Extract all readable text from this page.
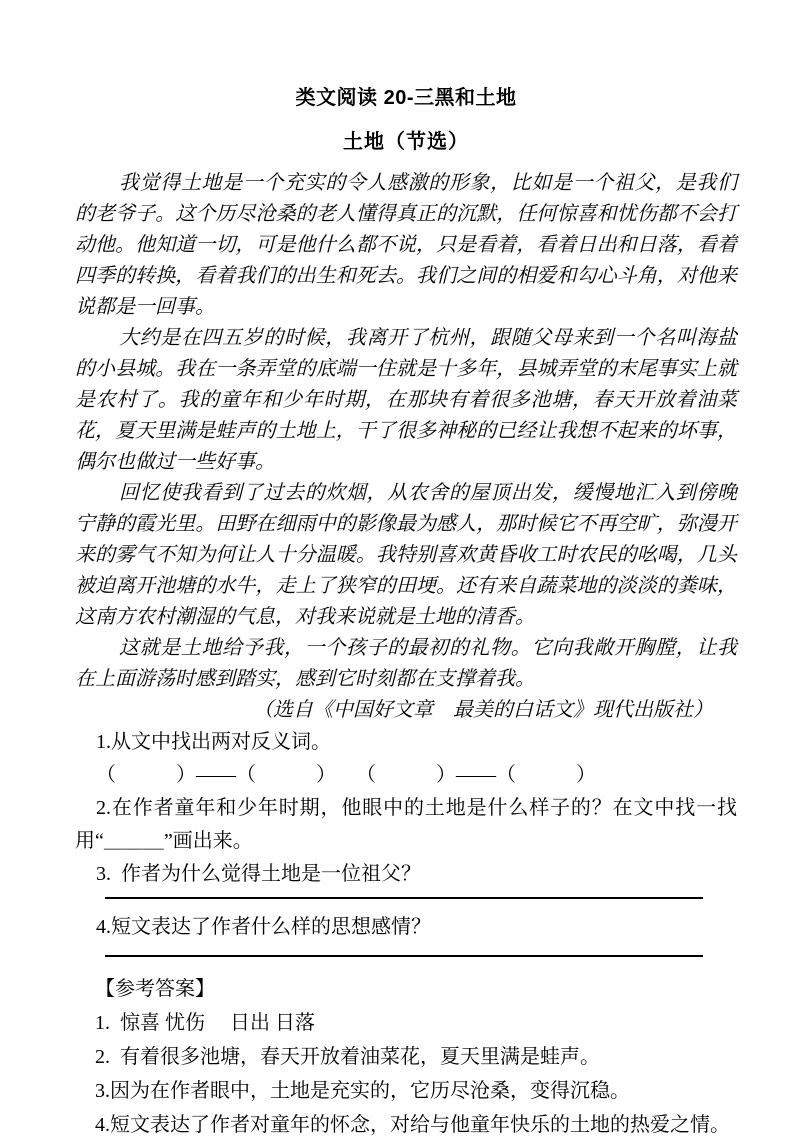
类文阅读 20-三黑和土地
土地（节选）

我觉得土地是一个充实的令人感激的形象，比如是一个祖父，是我们的老爷子。这个历尽沧桑的老人懂得真正的沉默，任何惊喜和忧伤都不会打动他。他知道一切，可是他什么都不说，只是看着，看着日出和日落，看着四季的转换，看着我们的出生和死去。我们之间的相爱和勾心斗角，对他来说都是一回事。

大约是在四五岁的时候，我离开了杭州，跟随父母来到一个名叫海盐的小县城。我在一条弄堂的底端一住就是十多年，县城弄堂的末尾事实上就是农村了。我的童年和少年时期，在那块有着很多池塘，春天开放着油菜花，夏天里满是蛙声的土地上，干了很多神秘的已经让我想不起来的坏事，偶尔也做过一些好事。

回忆使我看到了过去的炊烟，从农舍的屋顶出发，缓慢地汇入到傍晚宁静的霞光里。田野在细雨中的影像最为感人，那时候它不再空旷，弥漫开来的雾气不知为何让人十分温暖。我特别喜欢黄昏收工时农民的吆喝，几头被迫离开池塘的水牛，走上了狭窄的田埂。还有来自蔬菜地的淡淡的粪味，这南方农村潮湿的气息，对我来说就是土地的清香。

这就是土地给予我，一个孩子的最初的礼物。它向我敞开胸膛，让我在上面游荡时感到踏实，感到它时刻都在支撑着我。

（选自《中国好文章　最美的白话文》现代出版社）
1.从文中找出两对反义词。
（　　　）——（　　　）　　（　　　）——（　　　）
2.在作者童年和少年时期，他眼中的土地是什么样子的？在文中找一找用“＿＿＿”画出来。
3.  作者为什么觉得土地是一位祖父？
4.短文表达了作者什么样的思想感情？
【参考答案】
1.  惊喜 忧伤　 日出 日落
2.  有着很多池塘，春天开放着油菜花，夏天里满是蛙声。
3.因为在作者眼中，土地是充实的，它历尽沧桑，变得沉稳。
4.短文表达了作者对童年的怀念，对给与他童年快乐的土地的热爱之情。
